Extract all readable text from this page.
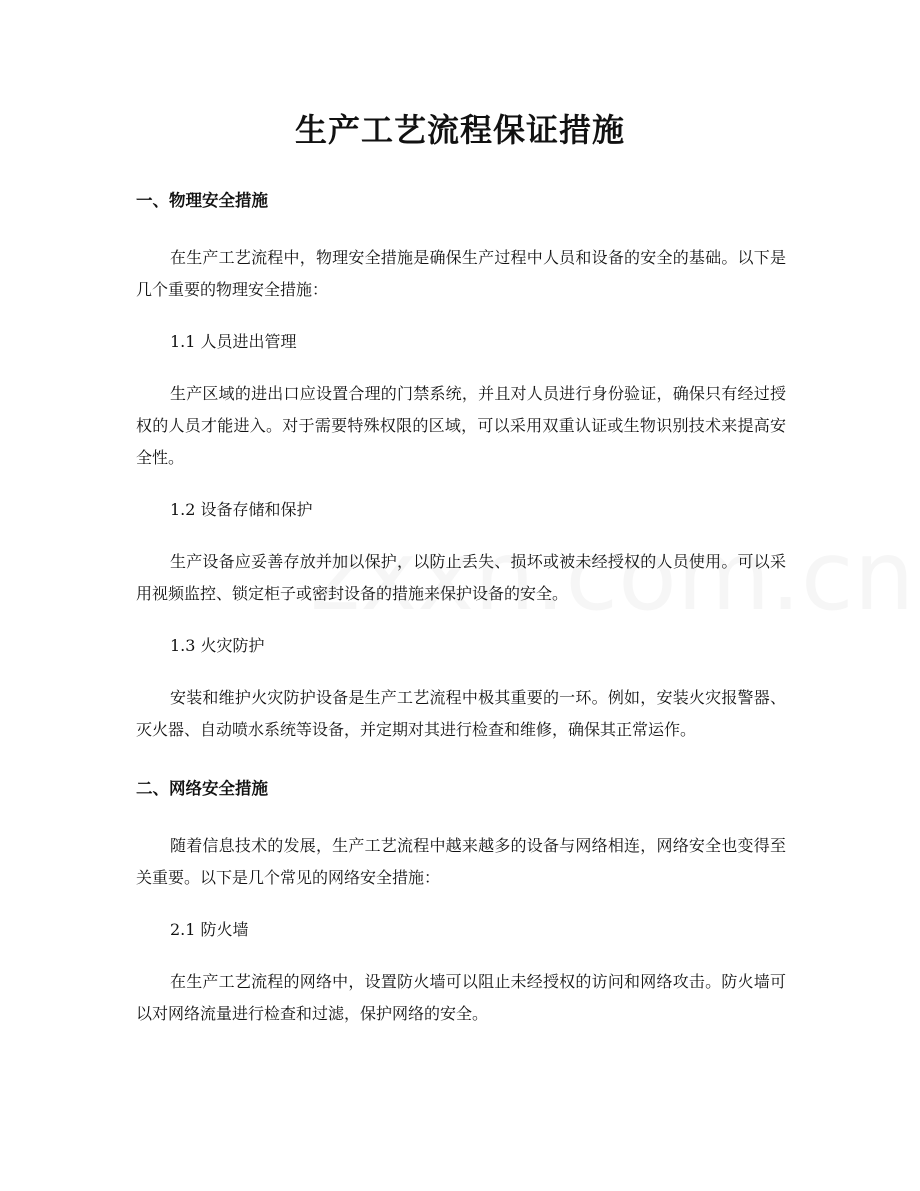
生产工艺流程保证措施
一、物理安全措施
在生产工艺流程中，物理安全措施是确保生产过程中人员和设备的安全的基础。以下是几个重要的物理安全措施：
1.1 人员进出管理
生产区域的进出口应设置合理的门禁系统，并且对人员进行身份验证，确保只有经过授权的人员才能进入。对于需要特殊权限的区域，可以采用双重认证或生物识别技术来提高安全性。
1.2 设备存储和保护
生产设备应妥善存放并加以保护，以防止丢失、损坏或被未经授权的人员使用。可以采用视频监控、锁定柜子或密封设备的措施来保护设备的安全。
1.3 火灾防护
安装和维护火灾防护设备是生产工艺流程中极其重要的一环。例如，安装火灾报警器、灭火器、自动喷水系统等设备，并定期对其进行检查和维修，确保其正常运作。
二、网络安全措施
随着信息技术的发展，生产工艺流程中越来越多的设备与网络相连，网络安全也变得至关重要。以下是几个常见的网络安全措施：
2.1 防火墙
在生产工艺流程的网络中，设置防火墙可以阻止未经授权的访问和网络攻击。防火墙可以对网络流量进行检查和过滤，保护网络的安全。
